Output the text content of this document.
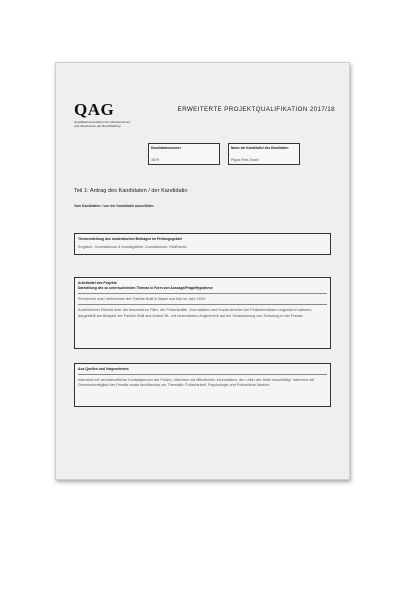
QAG
Qualifikationsverfahren für Absolventinnen
und Absolventen der Berufsbildung
ERWEITERTE PROJEKTQUALIFIKATION 2017/18
Kandidatennummer
4579
Name der Kandidatin/ des Kandidaten
Pippa Fritz-Strahl
Teil 1: Antrag des Kandidaten / der Kandidatin
Vom Kandidaten / von der Kandidatin auszufüllen
Themenstellung des studentischen Beitrages im Prüfungsgebiet
Englisch: Journalismus & investigativer Journalismus: Straf'recht.
Arbeitstitel des Projekts
Darstellung des zu untersuchenden Themas in Form von Aussage/Frage/Hypothese
Recherche zum Verbrechen der Familie Bolli in Basel und Alle im Jahr 2002.
Ausführlicher Bericht über die besonderen Fälle, die Polizeikräfte, Journalisten und Sozial-Arbeiter bei Polizeieinsätzen ungenannt nahmen, dargestellt am Beispiel der Familie Bolli aus Andorf BL, mit besonderem Augenmerk auf die Veranlassung von Schulung in der Presse.
Aus Quellen und Vorgesehenes
Interview mit verantwortlicher Kontaktperson der Polizei, Interview mit öffentlichen Journalisten, der Leiter der Halle beschäftigt. Interview mit Gemeindemitglied der Familie sowie fachliteratur zur Thematik: Polizeiarbeit, Psychologie und Polizeiliche Medien.
